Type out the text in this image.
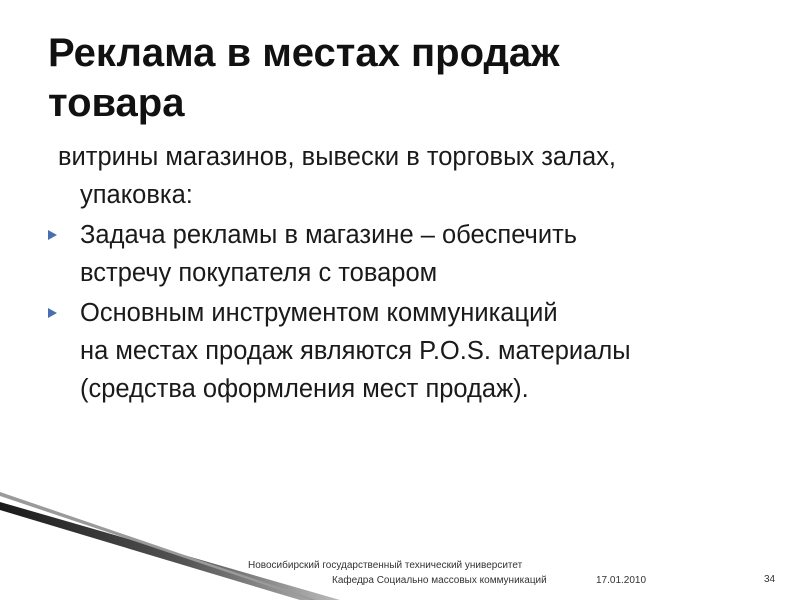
Реклама в местах продаж
товара
витрины магазинов, вывески в торговых залах,
упаковка:
Задача рекламы в магазине – обеспечить
встречу покупателя с товаром
Основным инструментом коммуникаций
на местах продаж являются P.O.S. материалы
(средства оформления мест продаж).
Новосибирский государственный технический университет
Кафедра Социально массовых коммуникаций	17.01.2010	34
